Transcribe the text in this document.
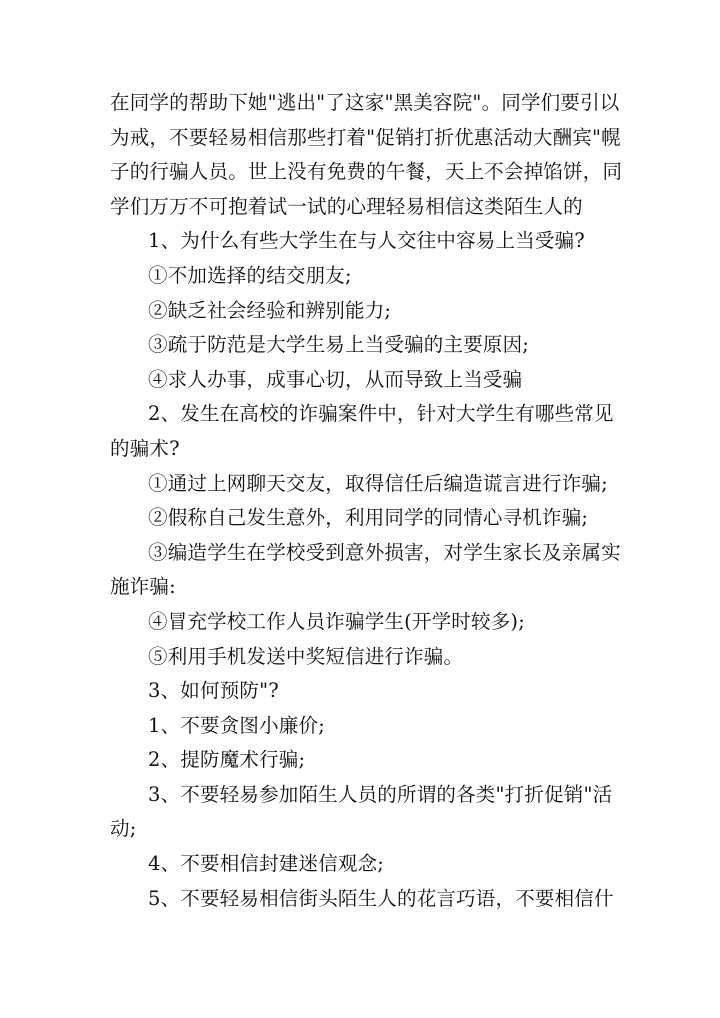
在同学的帮助下她"逃出"了这家"黑美容院"。同学们要引以
为戒，不要轻易相信那些打着"促销打折优惠活动大酬宾"幌
子的行骗人员。世上没有免费的午餐，天上不会掉馅饼，同
学们万万不可抱着试一试的心理轻易相信这类陌生人的
1、为什么有些大学生在与人交往中容易上当受骗?
①不加选择的结交朋友;
②缺乏社会经验和辨别能力;
③疏于防范是大学生易上当受骗的主要原因;
④求人办事，成事心切，从而导致上当受骗
2、发生在高校的诈骗案件中，针对大学生有哪些常见
的骗术?
①通过上网聊天交友，取得信任后编造谎言进行诈骗;
②假称自己发生意外，利用同学的同情心寻机诈骗;
③编造学生在学校受到意外损害，对学生家长及亲属实
施诈骗:
④冒充学校工作人员诈骗学生(开学时较多);
⑤利用手机发送中奖短信进行诈骗。
3、如何预防"?
1、不要贪图小廉价;
2、提防魔术行骗;
3、不要轻易参加陌生人员的所谓的各类"打折促销"活
动;
4、不要相信封建迷信观念;
5、不要轻易相信街头陌生人的花言巧语，不要相信什
